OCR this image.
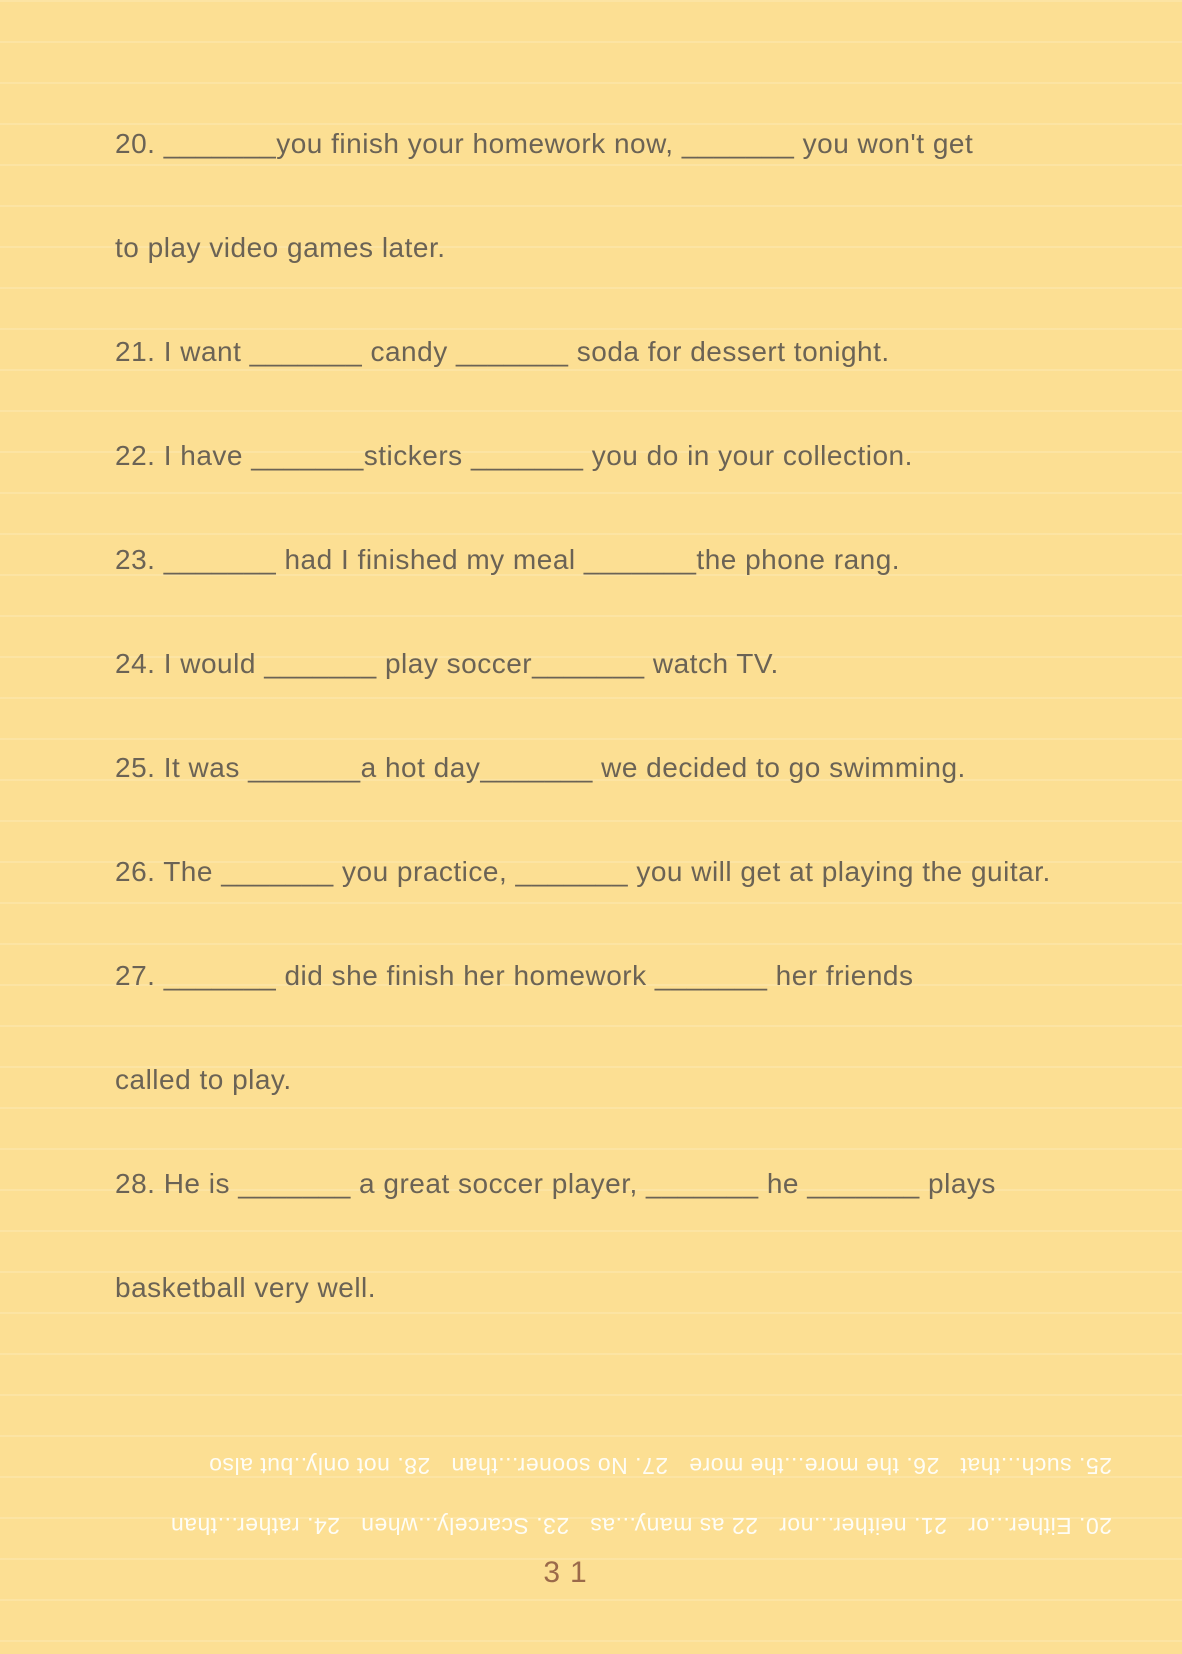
20. _______you finish your homework now, _______ you won't get
to play video games later.
21. I want _______ candy _______ soda for dessert tonight.
22. I have _______stickers _______ you do in your collection.
23. _______ had I finished my meal _______the phone rang.
24. I would _______ play soccer_______ watch TV.
25. It was _______a hot day_______ we decided to go swimming.
26. The _______ you practice, _______ you will get at playing the guitar.
27. _______ did she finish her homework _______ her friends
called to play.
28. He is _______ a great soccer player, _______ he _______ plays
basketball very well.
20. Either...or   21. neither...nor   22 as many...as   23. Scarcely...when   24. rather...than
25. such...that   26. the more...the more   27. No sooner...than   28. not only..but also
31
